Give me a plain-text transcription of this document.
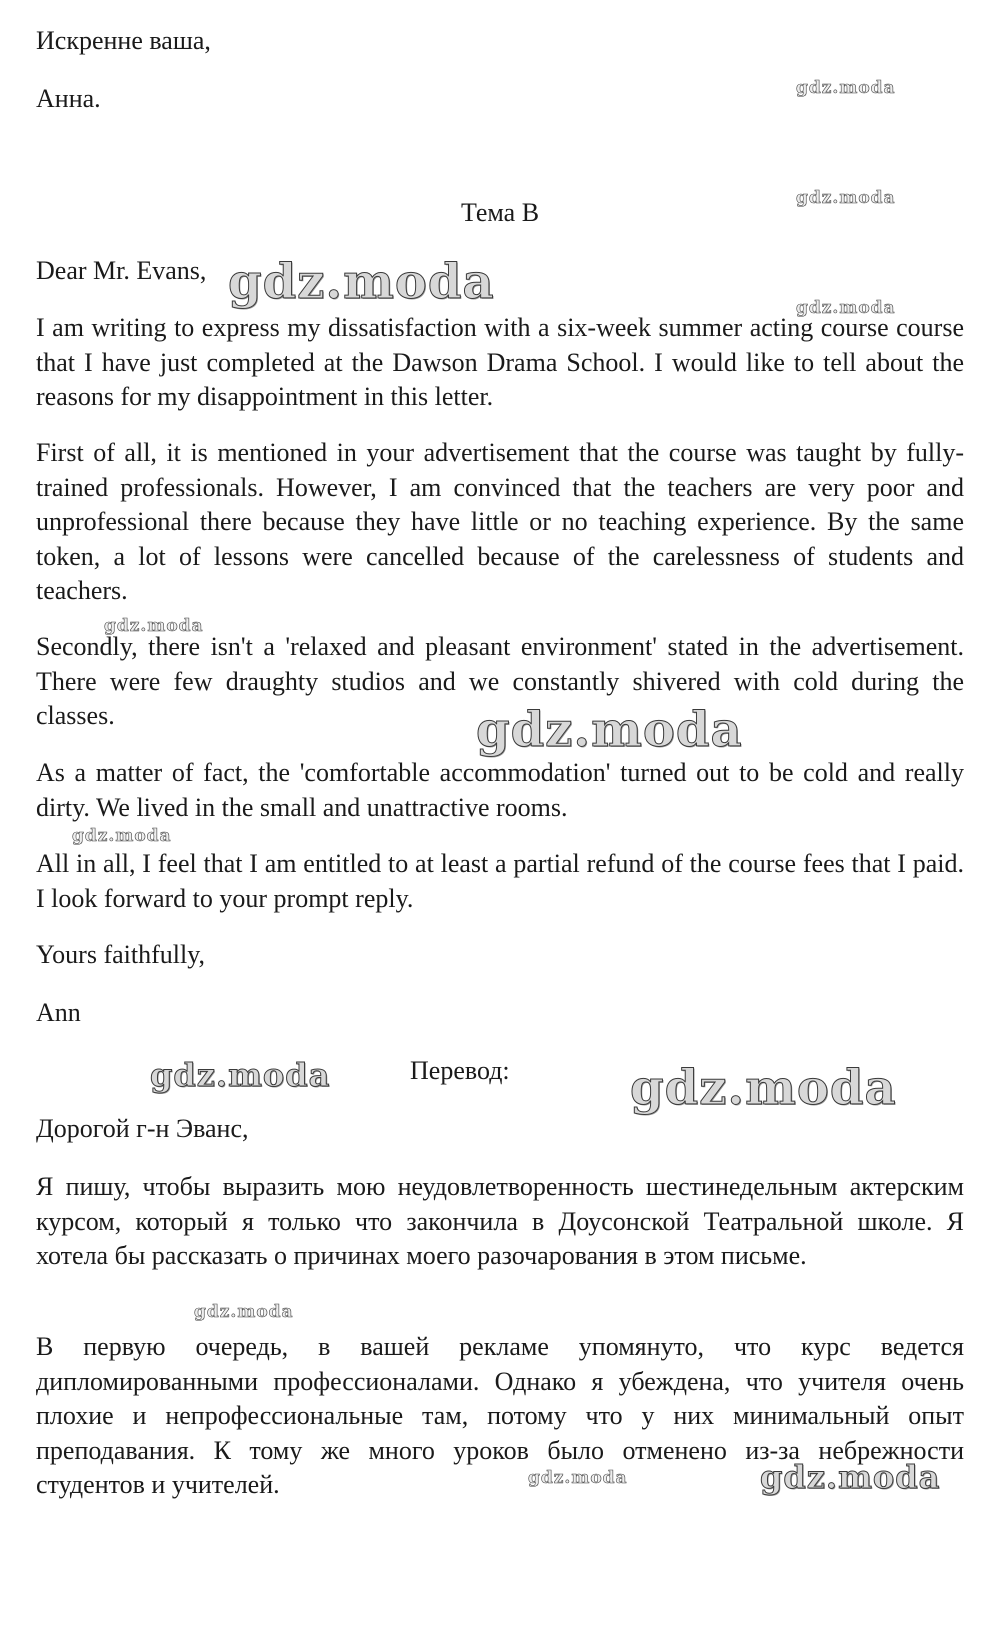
Искренне ваша,

Анна.

Тема B

Dear Mr. Evans,

I am writing to express my dissatisfaction with a six-week summer acting course course that I have just completed at the Dawson Drama School. I would like to tell about the reasons for my disappointment in this letter.

First of all, it is mentioned in your advertisement that the course was taught by fully-trained professionals. However, I am convinced that the teachers are very poor and unprofessional there because they have little or no teaching experience. By the same token, a lot of lessons were cancelled because of the carelessness of students and teachers.

Secondly, there isn't a 'relaxed and pleasant environment' stated in the advertisement. There were few draughty studios and we constantly shivered with cold during the classes.

As a matter of fact, the 'comfortable accommodation' turned out to be cold and really dirty. We lived in the small and unattractive rooms.

All in all, I feel that I am entitled to at least a partial refund of the course fees that I paid. I look forward to your prompt reply.

Yours faithfully,

Ann

Перевод:

Дорогой г-н Эванс,

Я пишу, чтобы выразить мою неудовлетворенность шестинедельным актерским курсом, который я только что закончила в Доусонской Театральной школе. Я хотела бы рассказать о причинах моего разочарования в этом письме.

В первую очередь, в вашей рекламе упомянуто, что курс ведется дипломированными профессионалами. Однако я убеждена, что учителя очень плохие и непрофессиональные там, потому что у них минимальный опыт преподавания. К тому же много уроков было отменено из-за небрежности студентов и учителей.

gdz.moda
gdz.moda
gdz.moda	gdz.moda
gdz.moda
gdz.moda
gdz.moda
gdz.moda	gdz.moda
gdz.moda
gdz.moda	gdz.moda
